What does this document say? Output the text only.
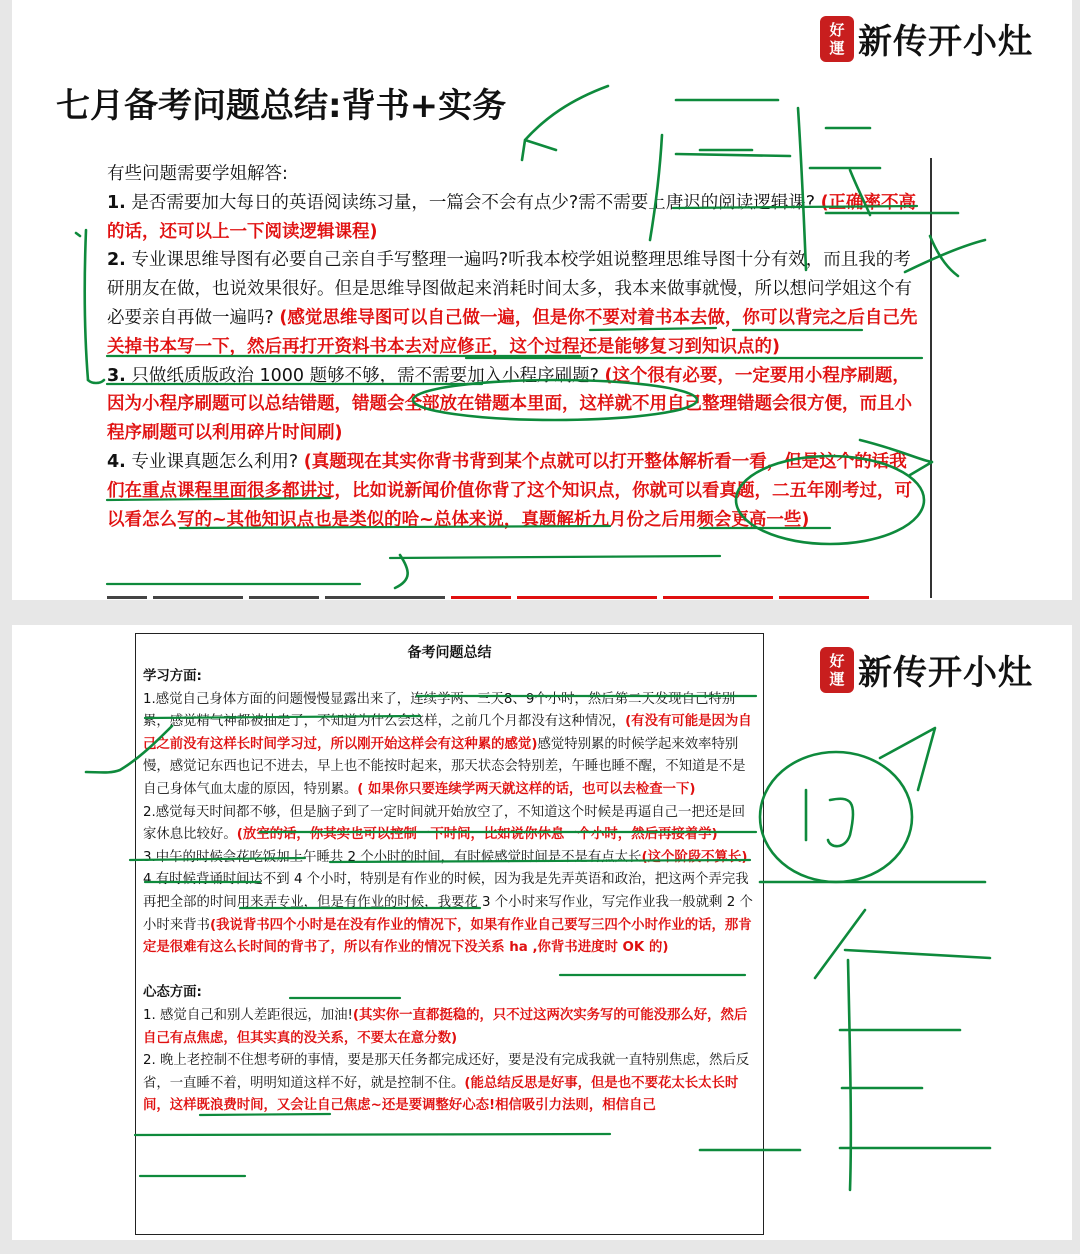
好
運 新传开小灶
七月备考问题总结:背书+实务

有些问题需要学姐解答:

1. 是否需要加大每日的英语阅读练习量，一篇会不会有点少?需不需要上唐迟的阅读逻辑课? (正确率不高的话，还可以上一下阅读逻辑课程)

2. 专业课思维导图有必要自己亲自手写整理一遍吗?听我本校学姐说整理思维导图十分有效，而且我的考研朋友在做，也说效果很好。但是思维导图做起来消耗时间太多，我本来做事就慢，所以想问学姐这个有必要亲自再做一遍吗? (感觉思维导图可以自己做一遍，但是你不要对着书本去做，你可以背完之后自己先关掉书本写一下，然后再打开资料书本去对应修正，这个过程还是能够复习到知识点的)

3. 只做纸质版政治 1000 题够不够，需不需要加入小程序刷题? (这个很有必要，一定要用小程序刷题，因为小程序刷题可以总结错题，错题会全部放在错题本里面，这样就不用自己整理错题会很方便，而且小程序刷题可以利用碎片时间刷)

4. 专业课真题怎么利用? (真题现在其实你背书背到某个点就可以打开整体解析看一看，但是这个的话我们在重点课程里面很多都讲过，比如说新闻价值你背了这个知识点，你就可以看真题，二五年刚考过，可以看怎么写的~其他知识点也是类似的哈~总体来说，真题解析九月份之后用频会更高一些)

好
運 新传开小灶
备考问题总结

学习方面:

1.感觉自己身体方面的问题慢慢显露出来了，连续学两、三天8、9个小时，然后第二天发现自己特别累，感觉精气神都被抽走了，不知道为什么会这样，之前几个月都没有这种情况，(有没有可能是因为自己之前没有这样长时间学习过，所以刚开始这样会有这种累的感觉)感觉特别累的时候学起来效率特别慢，感觉记东西也记不进去，早上也不能按时起来，那天状态会特别差，午睡也睡不醒，不知道是不是自己身体气血太虚的原因，特别累。( 如果你只要连续学两天就这样的话，也可以去检查一下)

2.感觉每天时间都不够，但是脑子到了一定时间就开始放空了，不知道这个时候是再逼自己一把还是回家休息比较好。(放空的话，你其实也可以控制一下时间，比如说你休息一个小时，然后再接着学)

3.中午的时候会花吃饭加上午睡共 2 个小时的时间，有时候感觉时间是不是有点太长(这个阶段不算长)

4.有时候背诵时间达不到 4 个小时，特别是有作业的时候，因为我是先弄英语和政治，把这两个弄完我再把全部的时间用来弄专业，但是有作业的时候，我要花 3 个小时来写作业，写完作业我一般就剩 2 个小时来背书(我说背书四个小时是在没有作业的情况下，如果有作业自己要写三四个小时作业的话，那肯定是很难有这么长时间的背书了，所以有作业的情况下没关系 ha ,你背书进度时 OK 的)

心态方面:

1. 感觉自己和别人差距很远，加油!(其实你一直都挺稳的，只不过这两次实务写的可能没那么好，然后自己有点焦虑，但其实真的没关系，不要太在意分数)

2. 晚上老控制不住想考研的事情，要是那天任务都完成还好，要是没有完成我就一直特别焦虑，然后反省，一直睡不着，明明知道这样不好，就是控制不住。(能总结反思是好事，但是也不要花太长太长时间，这样既浪费时间，又会让自己焦虑~还是要调整好心态!相信吸引力法则，相信自己
